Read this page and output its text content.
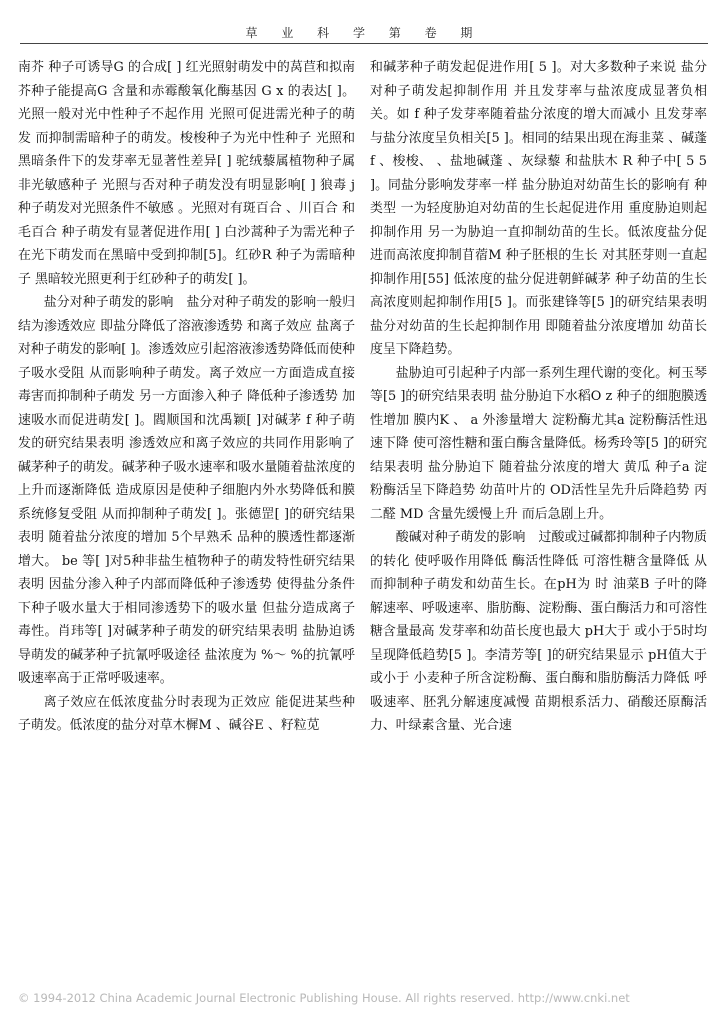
草 业 科 学 第 卷 期

南芥 种子可诱导G 的合成[ ] 红光照射萌发中的莴苣和拟南芥种子能提高G 含量和赤霉酸氧化酶基因 G x 的表达[ ]。光照一般对光中性种子不起作用 光照可促进需光种子的萌发 而抑制需暗种子的萌发。梭梭种子为光中性种子 光照和黑暗条件下的发芽率无显著性差异[ ] 驼绒藜属植物种子属非光敏感种子 光照与否对种子萌发没有明显影响[ ] 狼毒 j 种子萌发对光照条件不敏感 。光照对有斑百合 、川百合 和毛百合 种子萌发有显著促进作用[ ] 白沙蒿种子为需光种子 在光下萌发而在黑暗中受到抑制[5]。红砂R 种子为需暗种子 黑暗较光照更利于红砂种子的萌发[ ]。

盐分对种子萌发的影响　 盐分对种子萌发的影响一般归结为渗透效应 即盐分降低了溶液渗透势 和离子效应 盐离子对种子萌发的影响[ ]。渗透效应引起溶液渗透势降低而使种子吸水受阻 从而影响种子萌发。离子效应一方面造成直接毒害而抑制种子萌发 另一方面渗入种子 降低种子渗透势 加速吸水而促进萌发[ ]。閻顺国和沈禹颖[ ]对碱茅 f 种子萌发的研究结果表明 渗透效应和离子效应的共同作用影响了碱茅种子的萌发。碱茅种子吸水速率和吸水量随着盐浓度的上升而逐渐降低 造成原因是使种子细胞内外水势降低和膜系统修复受阻 从而抑制种子萌发[ ]。张德罡[ ]的研究结果表明 随着盐分浓度的增加 5个早熟禾 品种的膜透性都逐渐增大。 be 等[ ]对5种非盐生植物种子的萌发特性研究结果表明 因盐分渗入种子内部而降低种子渗透势 使得盐分条件下种子吸水量大于相同渗透势下的吸水量 但盐分造成离子毒性。肖玮等[ ]对碱茅种子萌发的研究结果表明 盐胁迫诱导萌发的碱茅种子抗氰呼吸途径 盐浓度为 %～ %的抗氰呼吸速率高于正常呼吸速率。

离子效应在低浓度盐分时表现为正效应 能促进某些种子萌发。低浓度的盐分对草木樨M 、碱谷E 、籽粒苋

和碱茅种子萌发起促进作用[ 5 ]。对大多数种子来说 盐分对种子萌发起抑制作用 并且发芽率与盐浓度成显著负相关。如 f 种子发芽率随着盐分浓度的增大而减小 且发芽率与盐分浓度呈负相关[5 ]。相同的结果出现在海韭菜 、碱蓬 f 、梭梭、 、盐地碱蓬 、灰绿藜 和盐肤木 R 种子中[ 5 5 ]。同盐分影响发芽率一样 盐分胁迫对幼苗生长的影响有 种类型 一为轻度胁迫对幼苗的生长起促进作用 重度胁迫则起抑制作用 另一为胁迫一直抑制幼苗的生长。低浓度盐分促进而高浓度抑制苜蓿M 种子胚根的生长 对其胚芽则一直起抑制作用[55] 低浓度的盐分促进朝鲜碱茅 种子幼苗的生长 高浓度则起抑制作用[5 ]。而张建锋等[5 ]的研究结果表明 盐分对幼苗的生长起抑制作用 即随着盐分浓度增加 幼苗长度呈下降趋势。

盐胁迫可引起种子内部一系列生理代谢的变化。柯玉琴等[5 ]的研究结果表明 盐分胁迫下水稻O z 种子的细胞膜透性增加 膜内K 、 a 外渗量增大 淀粉酶尤其a 淀粉酶活性迅速下降 使可溶性糖和蛋白酶含量降低。杨秀玲等[5 ]的研究结果表明 盐分胁迫下 随着盐分浓度的增大 黄瓜 种子a 淀粉酶活呈下降趋势 幼苗叶片的 OD活性呈先升后降趋势 丙二醛 MD 含量先缓慢上升 而后急剧上升。

酸碱对种子萌发的影响　 过酸或过碱都抑制种子内物质的转化 使呼吸作用降低 酶活性降低 可溶性糖含量降低 从而抑制种子萌发和幼苗生长。在pH为 时 油菜B 子叶的降解速率、呼吸速率、脂肪酶、淀粉酶、蛋白酶活力和可溶性糖含量最高 发芽率和幼苗长度也最大 pH大于 或小于5时均呈现降低趋势[5 ]。李清芳等[ ]的研究结果显示 pH值大于 或小于 小麦种子所含淀粉酶、蛋白酶和脂肪酶活力降低 呼吸速率、胚乳分解速度减慢 苗期根系活力、硝酸还原酶活力、叶绿素含量、光合速

© 1994-2012 China Academic Journal Electronic Publishing House. All rights reserved. http://www.cnki.net
